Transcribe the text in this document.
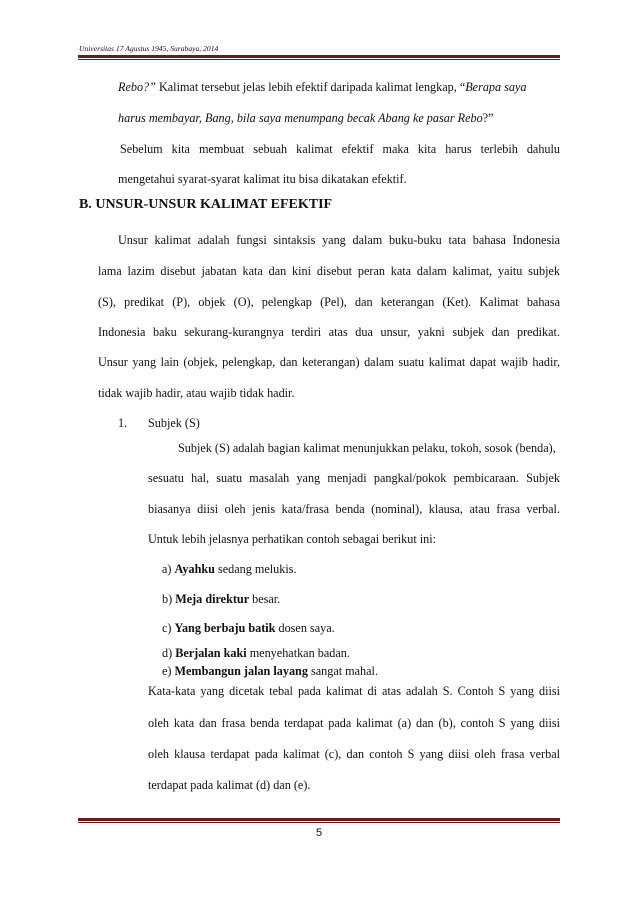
Universitas 17 Agustus 1945, Surabaya, 2014
Rebo?” Kalimat tersebut jelas lebih efektif daripada kalimat lengkap, “Berapa saya
harus membayar, Bang, bila saya menumpang becak Abang ke pasar Rebo?”
Sebelum kita membuat sebuah kalimat efektif maka kita harus terlebih dahulu
mengetahui syarat-syarat kalimat itu bisa dikatakan efektif.
B. UNSUR-UNSUR KALIMAT EFEKTIF
Unsur kalimat adalah fungsi sintaksis yang dalam buku-buku tata bahasa Indonesia
lama lazim disebut jabatan kata dan kini disebut peran kata dalam kalimat, yaitu subjek
(S), predikat (P), objek (O), pelengkap (Pel), dan keterangan (Ket). Kalimat bahasa
Indonesia baku sekurang-kurangnya terdiri atas dua unsur, yakni subjek dan predikat.
Unsur yang lain (objek, pelengkap, dan keterangan) dalam suatu kalimat dapat wajib hadir,
tidak wajib hadir, atau wajib tidak hadir.
1. Subjek (S)
Subjek (S) adalah bagian kalimat menunjukkan pelaku, tokoh, sosok (benda),
sesuatu hal, suatu masalah yang menjadi pangkal/pokok pembicaraan. Subjek
biasanya diisi oleh jenis kata/frasa benda (nominal), klausa, atau frasa verbal.
Untuk lebih jelasnya perhatikan contoh sebagai berikut ini:
a) Ayahku sedang melukis.
b) Meja direktur besar.
c) Yang berbaju batik dosen saya.
d) Berjalan kaki menyehatkan badan.
e) Membangun jalan layang sangat mahal.
Kata-kata yang dicetak tebal pada kalimat di atas adalah S. Contoh S yang diisi
oleh kata dan frasa benda terdapat pada kalimat (a) dan (b), contoh S yang diisi
oleh klausa terdapat pada kalimat (c), dan contoh S yang diisi oleh frasa verbal
terdapat pada kalimat (d) dan (e).
5
